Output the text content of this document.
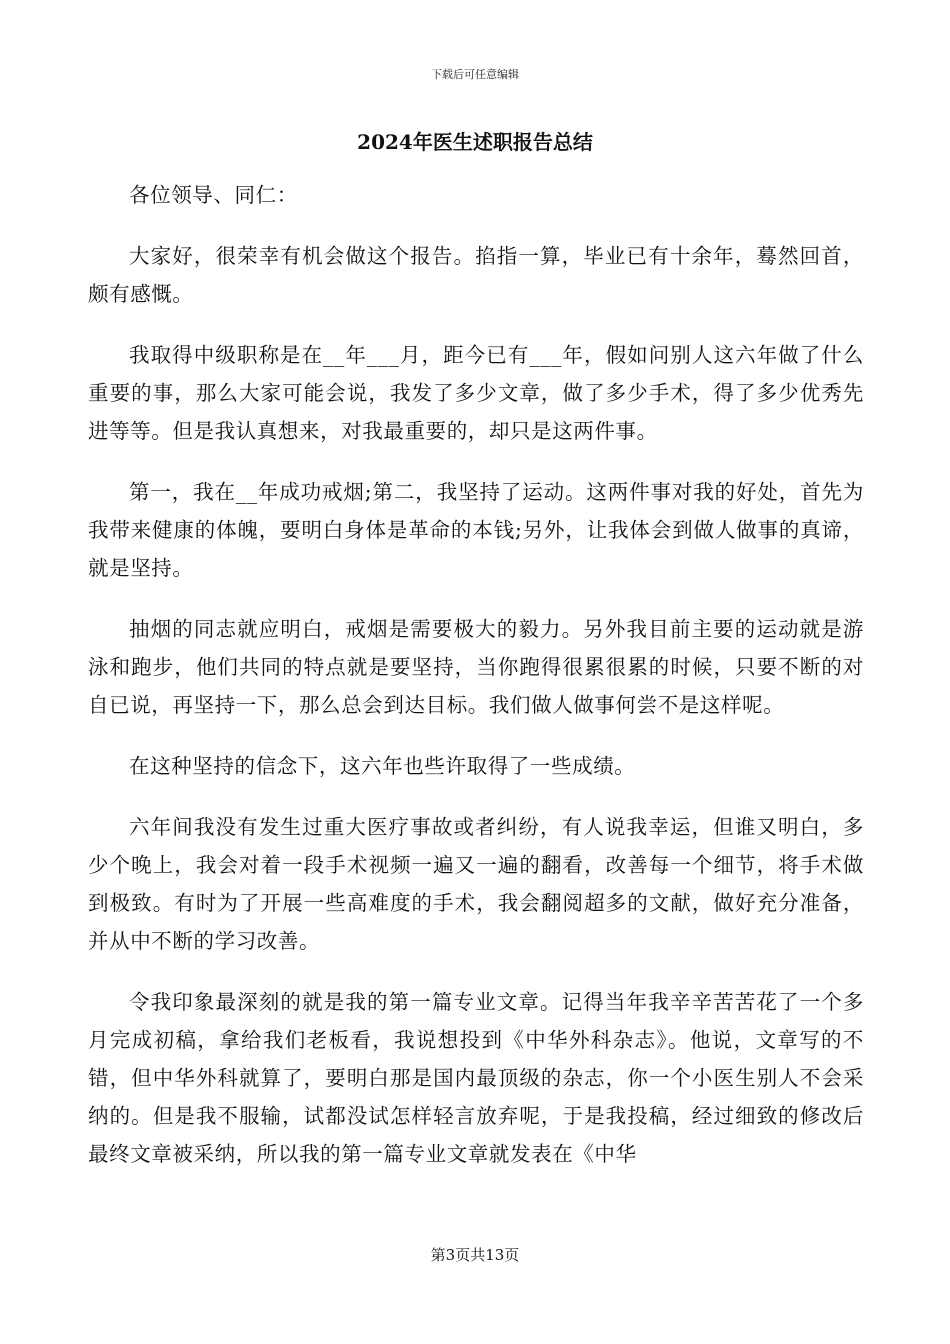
下载后可任意编辑
2024年医生述职报告总结

各位领导、同仁：

大家好，很荣幸有机会做这个报告。掐指一算，毕业已有十余年，蓦然回首，颇有感慨。

我取得中级职称是在__年___月，距今已有___年，假如问别人这六年做了什么重要的事，那么大家可能会说，我发了多少文章，做了多少手术，得了多少优秀先进等等。但是我认真想来，对我最重要的，却只是这两件事。

第一，我在__年成功戒烟;第二，我坚持了运动。这两件事对我的好处，首先为我带来健康的体魄，要明白身体是革命的本钱;另外，让我体会到做人做事的真谛，就是坚持。

抽烟的同志就应明白，戒烟是需要极大的毅力。另外我目前主要的运动就是游泳和跑步，他们共同的特点就是要坚持，当你跑得很累很累的时候，只要不断的对自已说，再坚持一下，那么总会到达目标。我们做人做事何尝不是这样呢。

在这种坚持的信念下，这六年也些许取得了一些成绩。

六年间我没有发生过重大医疗事故或者纠纷，有人说我幸运，但谁又明白，多少个晚上，我会对着一段手术视频一遍又一遍的翻看，改善每一个细节，将手术做到极致。有时为了开展一些高难度的手术，我会翻阅超多的文献，做好充分准备，并从中不断的学习改善。

令我印象最深刻的就是我的第一篇专业文章。记得当年我辛辛苦苦花了一个多月完成初稿，拿给我们老板看，我说想投到《中华外科杂志》。他说，文章写的不错，但中华外科就算了，要明白那是国内最顶级的杂志，你一个小医生别人不会采纳的。但是我不服输，试都没试怎样轻言放弃呢，于是我投稿，经过细致的修改后最终文章被采纳，所以我的第一篇专业文章就发表在《中华

第3页共13页
